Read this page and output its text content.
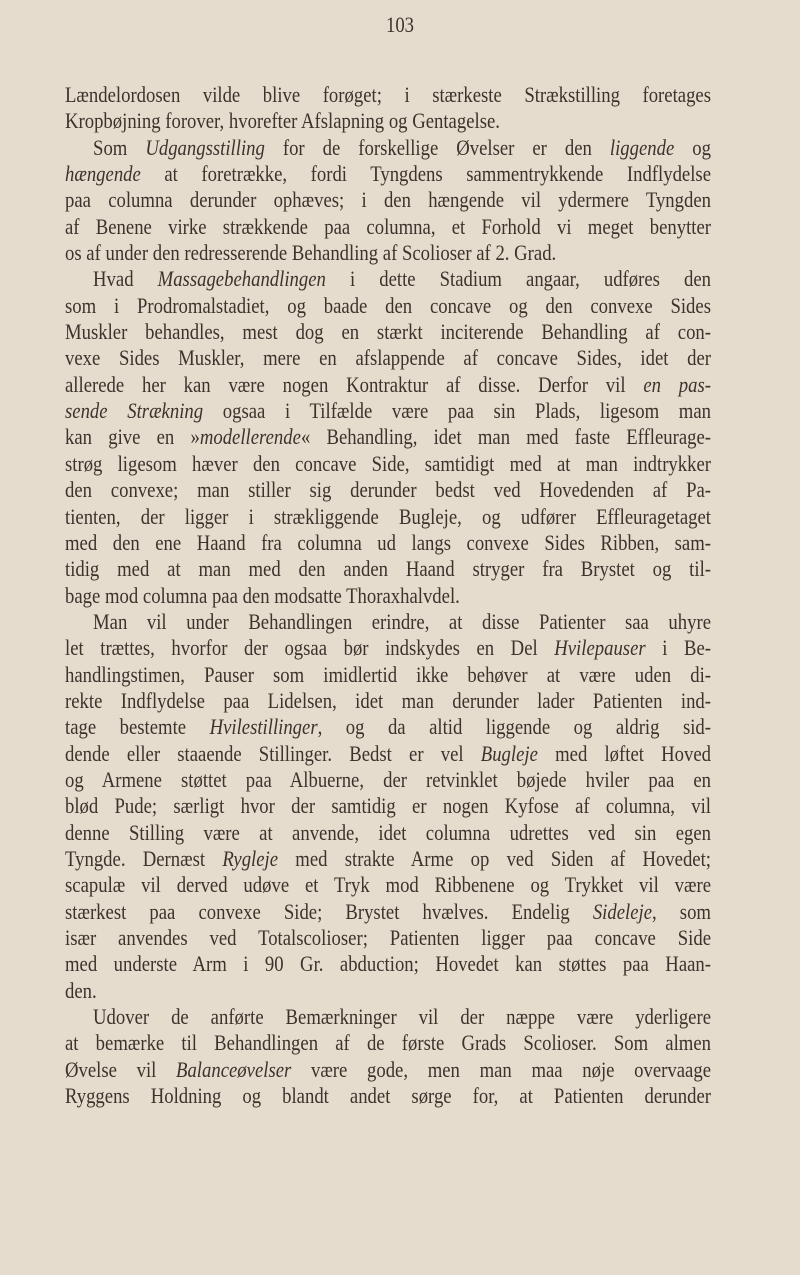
103
Lændelordosen vilde blive forøget; i stærkeste Strækstilling foretages
Kropbøjning forover, hvorefter Afslapning og Gentagelse.
Som Udgangsstilling for de forskellige Øvelser er den liggende og
hængende at foretrække, fordi Tyngdens sammentrykkende Indflydelse
paa columna derunder ophæves; i den hængende vil ydermere Tyngden
af Benene virke strækkende paa columna, et Forhold vi meget benytter
os af under den redresserende Behandling af Scolioser af 2. Grad.
Hvad Massagebehandlingen i dette Stadium angaar, udføres den
som i Prodromalstadiet, og baade den concave og den convexe Sides
Muskler behandles, mest dog en stærkt inciterende Behandling af con-
vexe Sides Muskler, mere en afslappende af concave Sides, idet der
allerede her kan være nogen Kontraktur af disse. Derfor vil en pas-
sende Strækning ogsaa i Tilfælde være paa sin Plads, ligesom man
kan give en »modellerende« Behandling, idet man med faste Effleurage-
strøg ligesom hæver den concave Side, samtidigt med at man indtrykker
den convexe; man stiller sig derunder bedst ved Hovedenden af Pa-
tienten, der ligger i strækliggende Bugleje, og udfører Effleuragetaget
med den ene Haand fra columna ud langs convexe Sides Ribben, sam-
tidig med at man med den anden Haand stryger fra Brystet og til-
bage mod columna paa den modsatte Thoraxhalvdel.
Man vil under Behandlingen erindre, at disse Patienter saa uhyre
let trættes, hvorfor der ogsaa bør indskydes en Del Hvilepauser i Be-
handlingstimen, Pauser som imidlertid ikke behøver at være uden di-
rekte Indflydelse paa Lidelsen, idet man derunder lader Patienten ind-
tage bestemte Hvilestillinger, og da altid liggende og aldrig sid-
dende eller staaende Stillinger. Bedst er vel Bugleje med løftet Hoved
og Armene støttet paa Albuerne, der retvinklet bøjede hviler paa en
blød Pude; særligt hvor der samtidig er nogen Kyfose af columna, vil
denne Stilling være at anvende, idet columna udrettes ved sin egen
Tyngde. Dernæst Rygleje med strakte Arme op ved Siden af Hovedet;
scapulæ vil derved udøve et Tryk mod Ribbenene og Trykket vil være
stærkest paa convexe Side; Brystet hvælves. Endelig Sideleje, som
især anvendes ved Totalscolioser; Patienten ligger paa concave Side
med underste Arm i 90 Gr. abduction; Hovedet kan støttes paa Haan-
den.
Udover de anførte Bemærkninger vil der næppe være yderligere
at bemærke til Behandlingen af de første Grads Scolioser. Som almen
Øvelse vil Balanceøvelser være gode, men man maa nøje overvaage
Ryggens Holdning og blandt andet sørge for, at Patienten derunder
